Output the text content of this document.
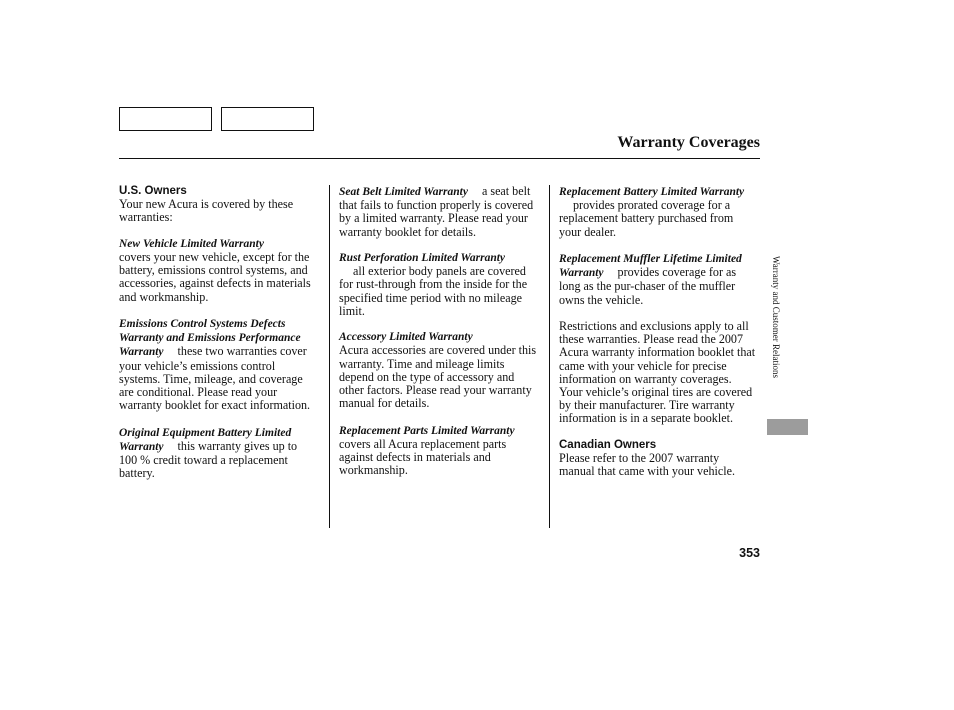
Warranty Coverages
U.S. Owners

Your new Acura is covered by these warranties:

New Vehicle Limited Warranty

covers your new vehicle, except for the battery, emissions control systems, and accessories, against defects in materials and workmanship.

Emissions Control Systems Defects Warranty and Emissions Performance Warranty these two warranties cover your vehicle’s emissions control systems. Time, mileage, and coverage are conditional. Please read your warranty booklet for exact information.

Original Equipment Battery Limited Warranty this warranty gives up to 100 % credit toward a replacement battery.

Seat Belt Limited Warranty a seat belt that fails to function properly is covered by a limited warranty. Please read your warranty booklet for details.

Rust Perforation Limited Warranty

all exterior body panels are covered for rust-through from the inside for the specified time period with no mileage limit.

Accessory Limited Warranty

Acura accessories are covered under this warranty. Time and mileage limits depend on the type of accessory and other factors. Please read your warranty manual for details.

Replacement Parts Limited Warrantycovers all Acura replacement parts against defects in materials and workmanship.

Replacement Battery Limited Warrantyprovides prorated coverage for a replacement battery purchased from your dealer.

Replacement Muffler Lifetime Limited Warranty provides coverage for as long as the pur-chaser of the muffler owns the vehicle.

Restrictions and exclusions apply to all these warranties. Please read the 2007 Acura warranty information booklet that came with your vehicle for precise information on warranty coverages. Your vehicle’s original tires are covered by their manufacturer. Tire warranty information is in a separate booklet.

Canadian Owners

Please refer to the 2007 warranty manual that came with your vehicle.

Warranty and Customer Relations
353
